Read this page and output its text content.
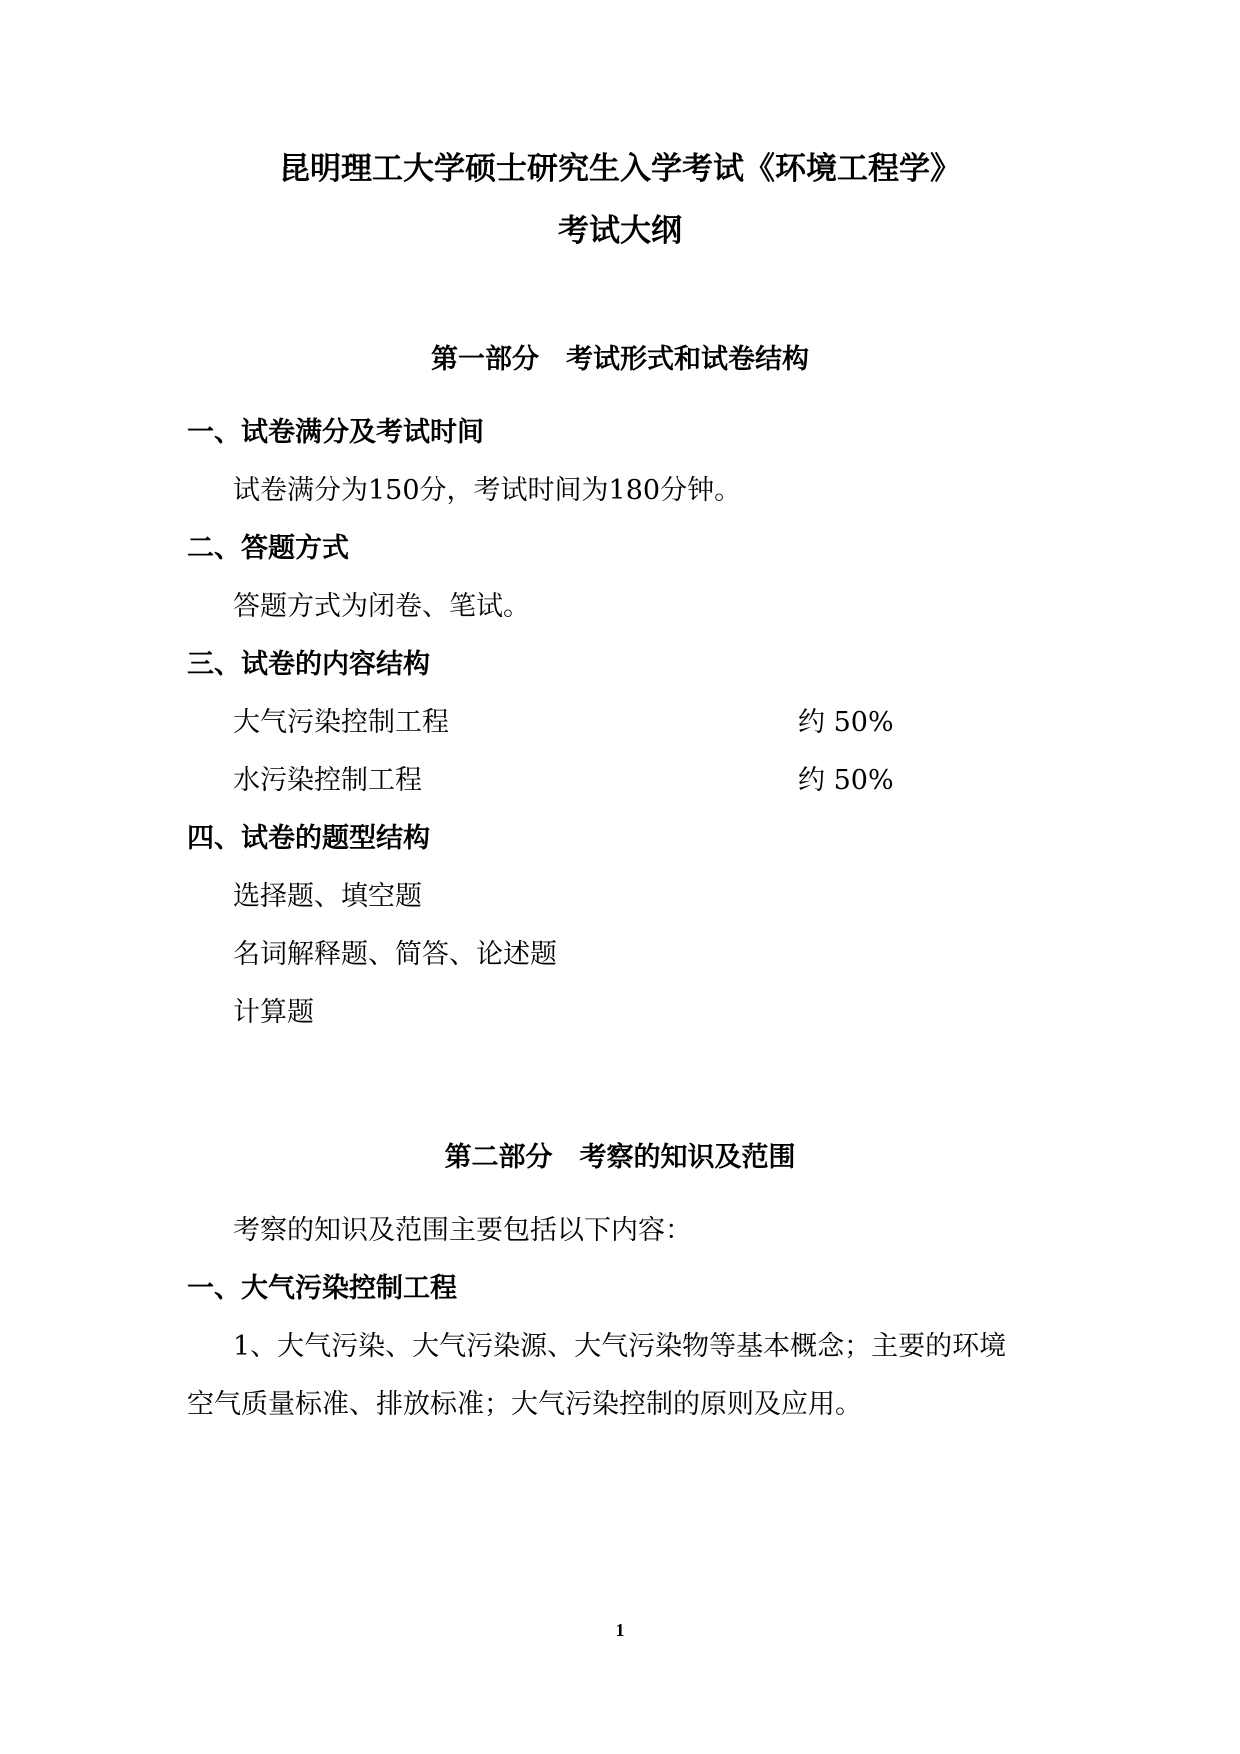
昆明理工大学硕士研究生入学考试《环境工程学》
考试大纲
第一部分　考试形式和试卷结构
一、试卷满分及考试时间
试卷满分为150分，考试时间为180分钟。
二、答题方式
答题方式为闭卷、笔试。
三、试卷的内容结构
大气污染控制工程	约 50%
水污染控制工程	约 50%
四、试卷的题型结构
选择题、填空题
名词解释题、简答、论述题
计算题
第二部分　考察的知识及范围
考察的知识及范围主要包括以下内容：
一、大气污染控制工程
1、大气污染、大气污染源、大气污染物等基本概念；主要的环境
空气质量标准、排放标准；大气污染控制的原则及应用。
1
